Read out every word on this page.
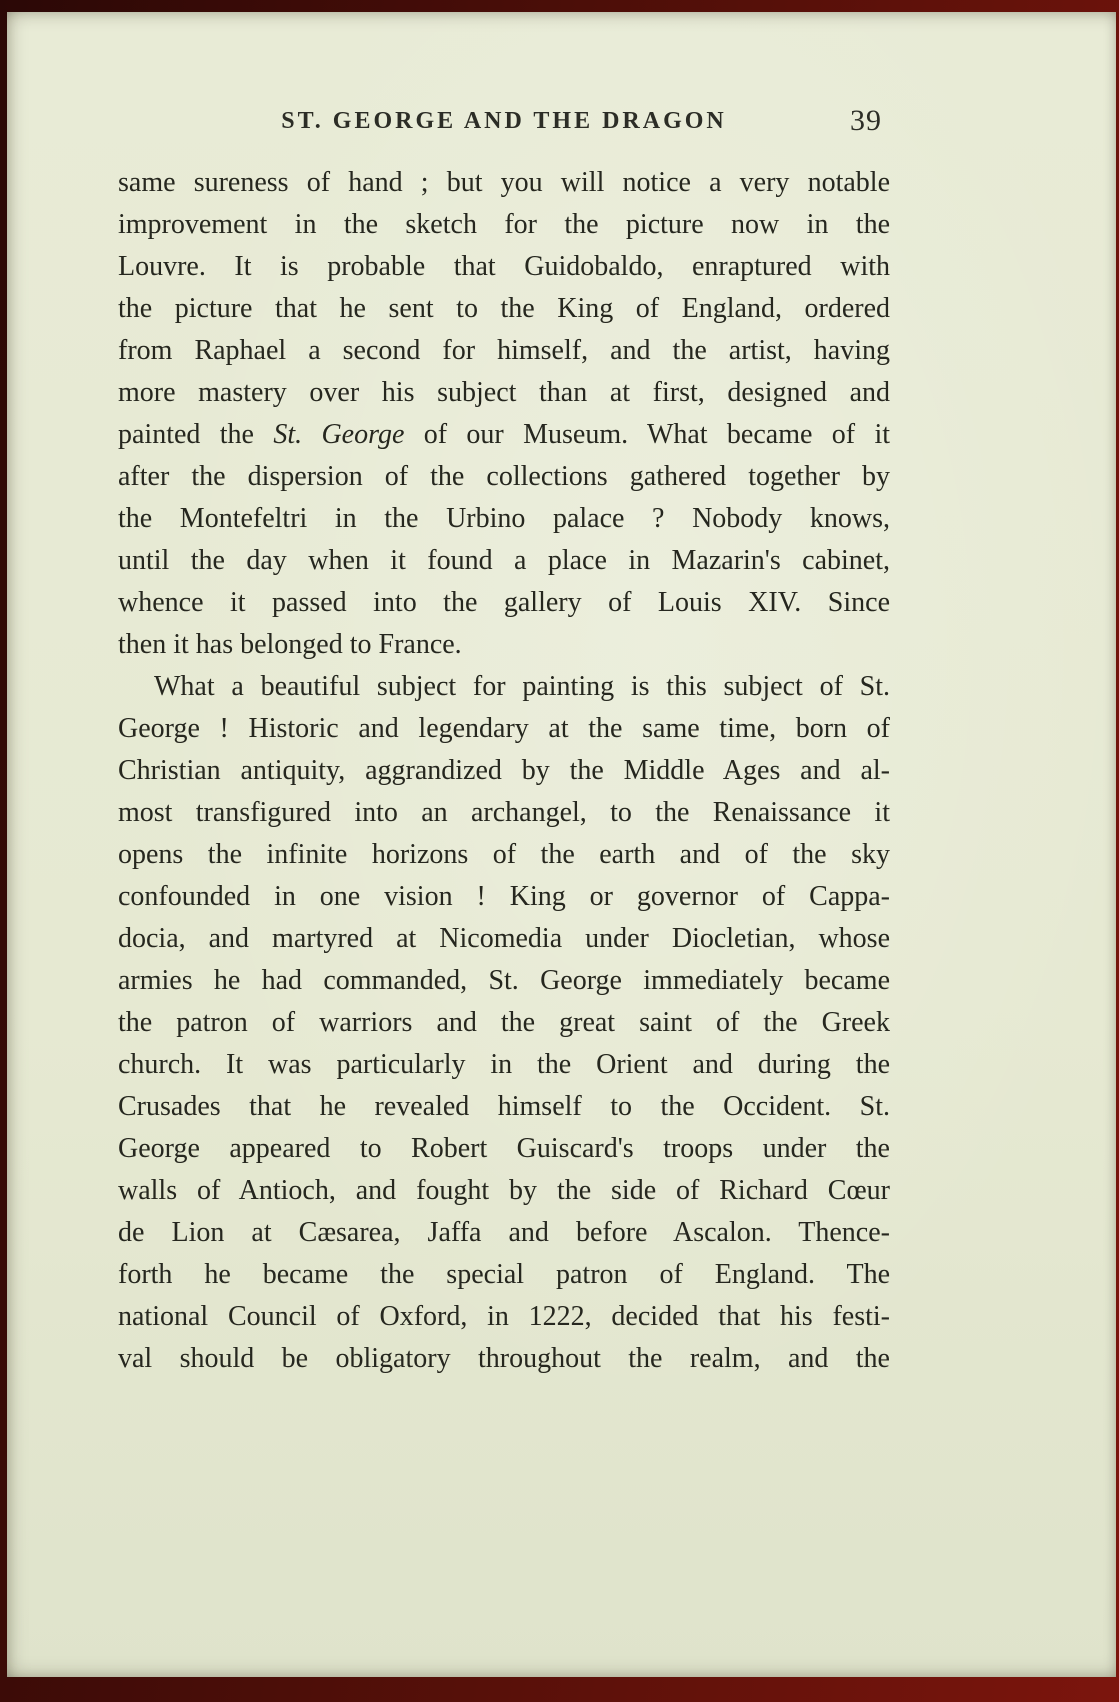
ST. GEORGE AND THE DRAGON	39
same sureness of hand ; but you will notice a very notable
improvement in the sketch for the picture now in the
Louvre. It is probable that Guidobaldo, enraptured with
the picture that he sent to the King of England, ordered
from Raphael a second for himself, and the artist, having
more mastery over his subject than at first, designed and
painted the St. George of our Museum. What became of it
after the dispersion of the collections gathered together by
the Montefeltri in the Urbino palace ? Nobody knows,
until the day when it found a place in Mazarin's cabinet,
whence it passed into the gallery of Louis XIV. Since
then it has belonged to France.
What a beautiful subject for painting is this subject of St.
George ! Historic and legendary at the same time, born of
Christian antiquity, aggrandized by the Middle Ages and al-
most transfigured into an archangel, to the Renaissance it
opens the infinite horizons of the earth and of the sky
confounded in one vision ! King or governor of Cappa-
docia, and martyred at Nicomedia under Diocletian, whose
armies he had commanded, St. George immediately became
the patron of warriors and the great saint of the Greek
church. It was particularly in the Orient and during the
Crusades that he revealed himself to the Occident. St.
George appeared to Robert Guiscard's troops under the
walls of Antioch, and fought by the side of Richard Cœur
de Lion at Cæsarea, Jaffa and before Ascalon. Thence-
forth he became the special patron of England. The
national Council of Oxford, in 1222, decided that his festi-
val should be obligatory throughout the realm, and the
